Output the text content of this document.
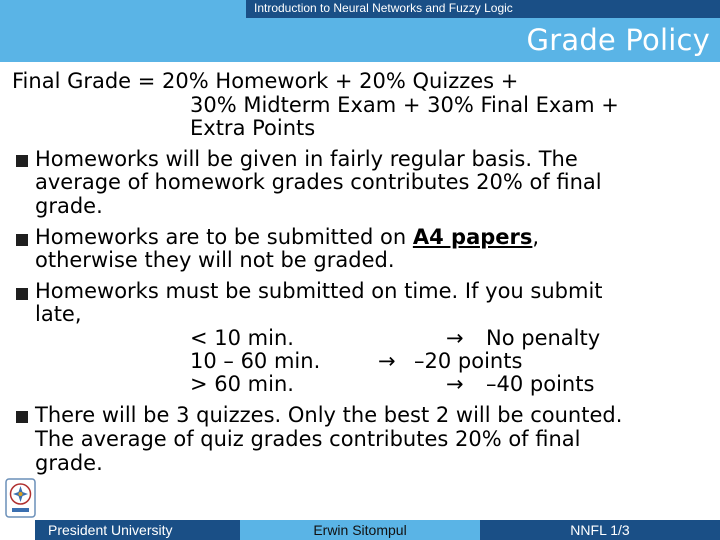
Introduction to Neural Networks and Fuzzy Logic
Grade Policy
Final Grade = 20% Homework + 20% Quizzes +
30% Midterm Exam + 30% Final Exam +
Extra Points
Homeworks will be given in fairly regular basis. The
average of homework grades contributes 20% of final
grade.
Homeworks are to be submitted on A4 papers,
otherwise they will not be graded.
Homeworks must be submitted on time. If you submit
late,
< 10 min.	→ No penalty
10 – 60 min.	→ –20 points
> 60 min.	→ –40 points
There will be 3 quizzes. Only the best 2 will be counted.
The average of quiz grades contributes 20% of final
grade.
President University	Erwin Sitompul	NNFL 1/3
